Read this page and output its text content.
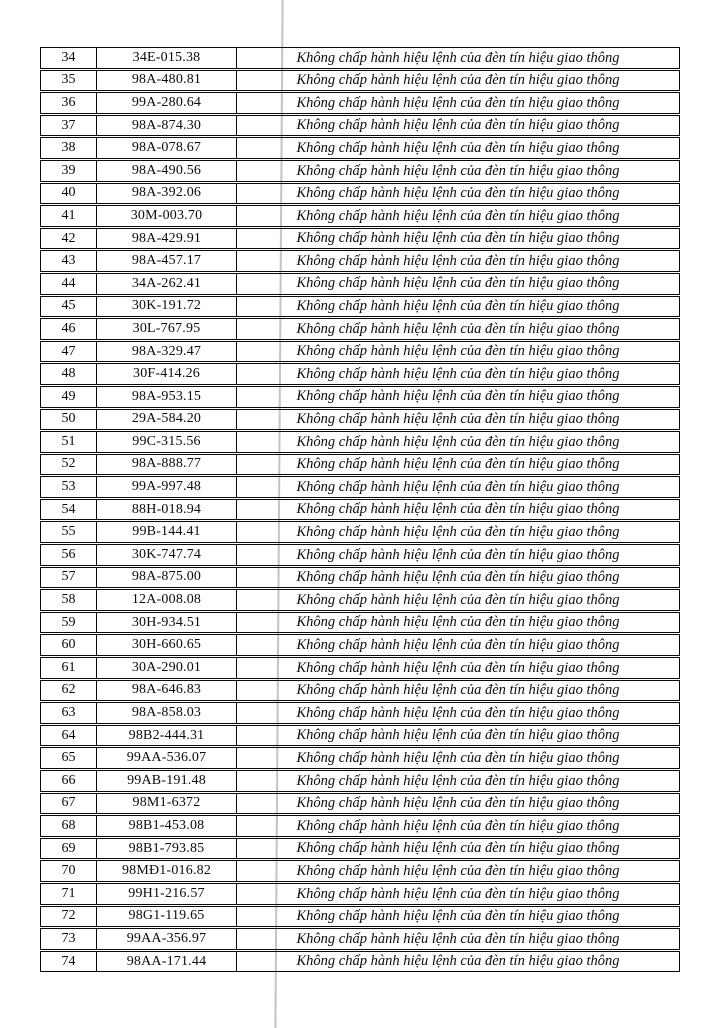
34	34E-015.38	Không chấp hành hiệu lệnh của đèn tín hiệu giao thông
35	98A-480.81	Không chấp hành hiệu lệnh của đèn tín hiệu giao thông
36	99A-280.64	Không chấp hành hiệu lệnh của đèn tín hiệu giao thông
37	98A-874.30	Không chấp hành hiệu lệnh của đèn tín hiệu giao thông
38	98A-078.67	Không chấp hành hiệu lệnh của đèn tín hiệu giao thông
39	98A-490.56	Không chấp hành hiệu lệnh của đèn tín hiệu giao thông
40	98A-392.06	Không chấp hành hiệu lệnh của đèn tín hiệu giao thông
41	30M-003.70	Không chấp hành hiệu lệnh của đèn tín hiệu giao thông
42	98A-429.91	Không chấp hành hiệu lệnh của đèn tín hiệu giao thông
43	98A-457.17	Không chấp hành hiệu lệnh của đèn tín hiệu giao thông
44	34A-262.41	Không chấp hành hiệu lệnh của đèn tín hiệu giao thông
45	30K-191.72	Không chấp hành hiệu lệnh của đèn tín hiệu giao thông
46	30L-767.95	Không chấp hành hiệu lệnh của đèn tín hiệu giao thông
47	98A-329.47	Không chấp hành hiệu lệnh của đèn tín hiệu giao thông
48	30F-414.26	Không chấp hành hiệu lệnh của đèn tín hiệu giao thông
49	98A-953.15	Không chấp hành hiệu lệnh của đèn tín hiệu giao thông
50	29A-584.20	Không chấp hành hiệu lệnh của đèn tín hiệu giao thông
51	99C-315.56	Không chấp hành hiệu lệnh của đèn tín hiệu giao thông
52	98A-888.77	Không chấp hành hiệu lệnh của đèn tín hiệu giao thông
53	99A-997.48	Không chấp hành hiệu lệnh của đèn tín hiệu giao thông
54	88H-018.94	Không chấp hành hiệu lệnh của đèn tín hiệu giao thông
55	99B-144.41	Không chấp hành hiệu lệnh của đèn tín hiệu giao thông
56	30K-747.74	Không chấp hành hiệu lệnh của đèn tín hiệu giao thông
57	98A-875.00	Không chấp hành hiệu lệnh của đèn tín hiệu giao thông
58	12A-008.08	Không chấp hành hiệu lệnh của đèn tín hiệu giao thông
59	30H-934.51	Không chấp hành hiệu lệnh của đèn tín hiệu giao thông
60	30H-660.65	Không chấp hành hiệu lệnh của đèn tín hiệu giao thông
61	30A-290.01	Không chấp hành hiệu lệnh của đèn tín hiệu giao thông
62	98A-646.83	Không chấp hành hiệu lệnh của đèn tín hiệu giao thông
63	98A-858.03	Không chấp hành hiệu lệnh của đèn tín hiệu giao thông
64	98B2-444.31	Không chấp hành hiệu lệnh của đèn tín hiệu giao thông
65	99AA-536.07	Không chấp hành hiệu lệnh của đèn tín hiệu giao thông
66	99AB-191.48	Không chấp hành hiệu lệnh của đèn tín hiệu giao thông
67	98M1-6372	Không chấp hành hiệu lệnh của đèn tín hiệu giao thông
68	98B1-453.08	Không chấp hành hiệu lệnh của đèn tín hiệu giao thông
69	98B1-793.85	Không chấp hành hiệu lệnh của đèn tín hiệu giao thông
70	98MĐ1-016.82	Không chấp hành hiệu lệnh của đèn tín hiệu giao thông
71	99H1-216.57	Không chấp hành hiệu lệnh của đèn tín hiệu giao thông
72	98G1-119.65	Không chấp hành hiệu lệnh của đèn tín hiệu giao thông
73	99AA-356.97	Không chấp hành hiệu lệnh của đèn tín hiệu giao thông
74	98AA-171.44	Không chấp hành hiệu lệnh của đèn tín hiệu giao thông
